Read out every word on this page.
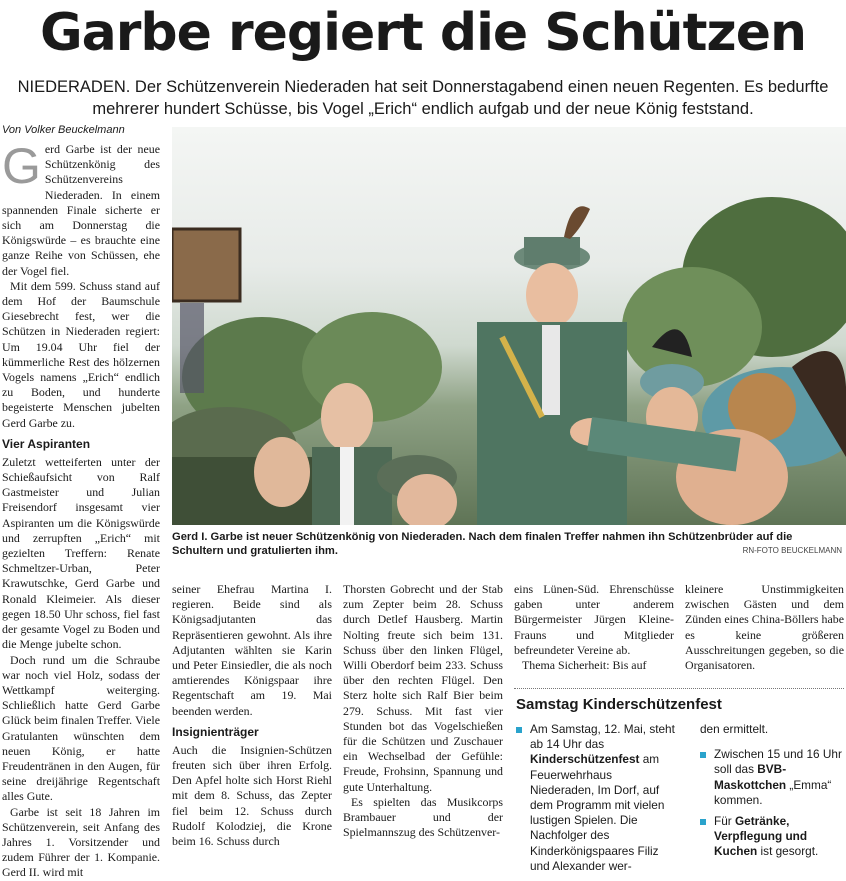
Garbe regiert die Schützen

NIEDERADEN. Der Schützenverein Niederaden hat seit Donnerstagabend einen neuen Regenten. Es bedurfte mehrerer hundert Schüsse, bis Vogel „Erich“ endlich aufgab und der neue König feststand.

Von Volker Beuckelmann

Gerd Garbe ist der neue Schützenkönig des Schützenvereins Niederaden. In einem spannenden Finale sicherte er sich am Donnerstag die Königswürde – es brauchte eine ganze Reihe von Schüssen, ehe der Vogel fiel.

Mit dem 599. Schuss stand auf dem Hof der Baumschule Giesebrecht fest, wer die Schützen in Niederaden regiert: Um 19.04 Uhr fiel der kümmerliche Rest des hölzernen Vogels namens „Erich“ endlich zu Boden, und hunderte begeisterte Menschen jubelten Gerd Garbe zu.

Vier Aspiranten

Zuletzt wetteiferten unter der Schießaufsicht von Ralf Gastmeister und Julian Freisendorf insgesamt vier Aspiranten um die Königswürde und zerrupften „Erich“ mit gezielten Treffern: Renate Schmeltzer-Urban, Peter Krawutschke, Gerd Garbe und Ronald Kleimeier. Als dieser gegen 18.50 Uhr schoss, fiel fast der gesamte Vogel zu Boden und die Menge jubelte schon.

Doch rund um die Schraube war noch viel Holz, sodass der Wettkampf weiterging. Schließlich hatte Gerd Garbe Glück beim finalen Treffer. Viele Gratulanten wünschten dem neuen König, er hatte Freudentränen in den Augen, für seine dreijährige Regentschaft alles Gute.

Garbe ist seit 18 Jahren im Schützenverein, seit Anfang des Jahres 1. Vorsitzender und zudem Führer der 1. Kompanie. Gerd II. wird mit

Gerd I. Garbe ist neuer Schützenkönig von Niederaden. Nach dem finalen Treffer nahmen ihn Schützenbrüder auf die Schultern und gratulierten ihm.	RN-FOTO BEUCKELMANN

seiner Ehefrau Martina I. regieren. Beide sind als Königsadjutanten das Repräsentieren gewohnt. Als ihre Adjutanten wählten sie Karin und Peter Einsiedler, die als noch amtierendes Königspaar ihre Regentschaft am 19. Mai beenden werden.

Insignienträger

Auch die Insignien-Schützen freuten sich über ihren Erfolg. Den Apfel holte sich Horst Riehl mit dem 8. Schuss, das Zepter fiel beim 12. Schuss durch Rudolf Kolodziej, die Krone beim 16. Schuss durch

Thorsten Gobrecht und der Stab zum Zepter beim 28. Schuss durch Detlef Hausberg. Martin Nolting freute sich beim 131. Schuss über den linken Flügel, Willi Oberdorf beim 233. Schuss über den rechten Flügel. Den Sterz holte sich Ralf Bier beim 279. Schuss. Mit fast vier Stunden bot das Vogelschießen für die Schützen und Zuschauer ein Wechselbad der Gefühle: Freude, Frohsinn, Spannung und gute Unterhaltung.

Es spielten das Musikcorps Brambauer und der Spielmannszug des Schützenver-

eins Lünen-Süd. Ehrenschüsse gaben unter anderem Bürgermeister Jürgen Kleine-Frauns und Mitglieder befreundeter Vereine ab.

Thema Sicherheit: Bis auf

kleinere Unstimmigkeiten zwischen Gästen und dem Zünden eines China-Böllers habe es keine größeren Ausschreitungen gegeben, so die Organisatoren.

Samstag Kinderschützenfest

Am Samstag, 12. Mai, steht ab 14 Uhr das Kinderschützenfest am Feuerwehrhaus Niederaden, Im Dorf, auf dem Programm mit vielen lustigen Spielen. Die Nachfolger des Kinderkönigspaares Filiz und Alexander wer-
den ermittelt.
Zwischen 15 und 16 Uhr soll das BVB-Maskottchen „Emma“ kommen.
Für Getränke, Verpflegung und Kuchen ist gesorgt.
